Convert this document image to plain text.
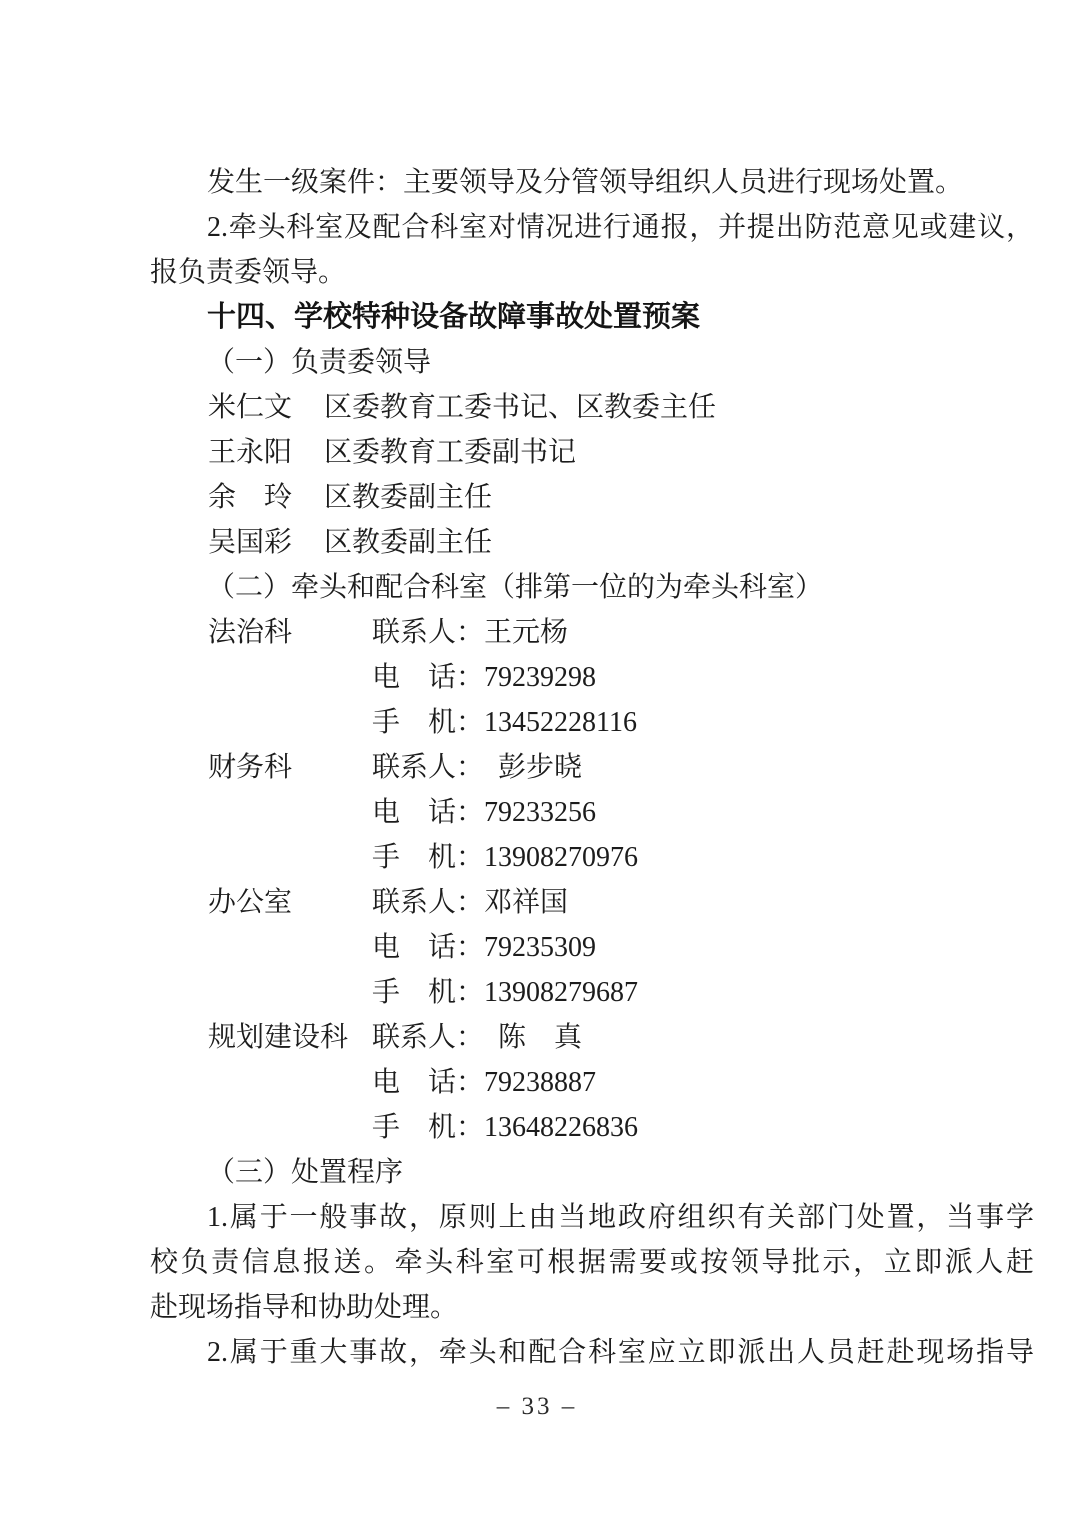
发生一级案件：主要领导及分管领导组织人员进行现场处置。
2.牵头科室及配合科室对情况进行通报，并提出防范意见或建议，
报负责委领导。
十四、学校特种设备故障事故处置预案
（一）负责委领导
米仁文	区委教育工委书记、区教委主任
王永阳	区委教育工委副书记
余　玲	区教委副主任
吴国彩	区教委副主任
（二）牵头和配合科室（排第一位的为牵头科室）
法治科	联系人： 王元杨
电　话： 79239298
手　机： 13452228116
财务科	联系人：  彭步晓
电　话： 79233256
手　机： 13908270976
办公室	联系人： 邓祥国
电　话： 79235309
手　机： 13908279687
规划建设科 联系人：  陈　真
电　话： 79238887
手　机： 13648226836
（三）处置程序
1.属于一般事故，原则上由当地政府组织有关部门处置，当事学
校负责信息报送。牵头科室可根据需要或按领导批示，立即派人赶
赴现场指导和协助处理。
2.属于重大事故，牵头和配合科室应立即派出人员赶赴现场指导
– 33 –
